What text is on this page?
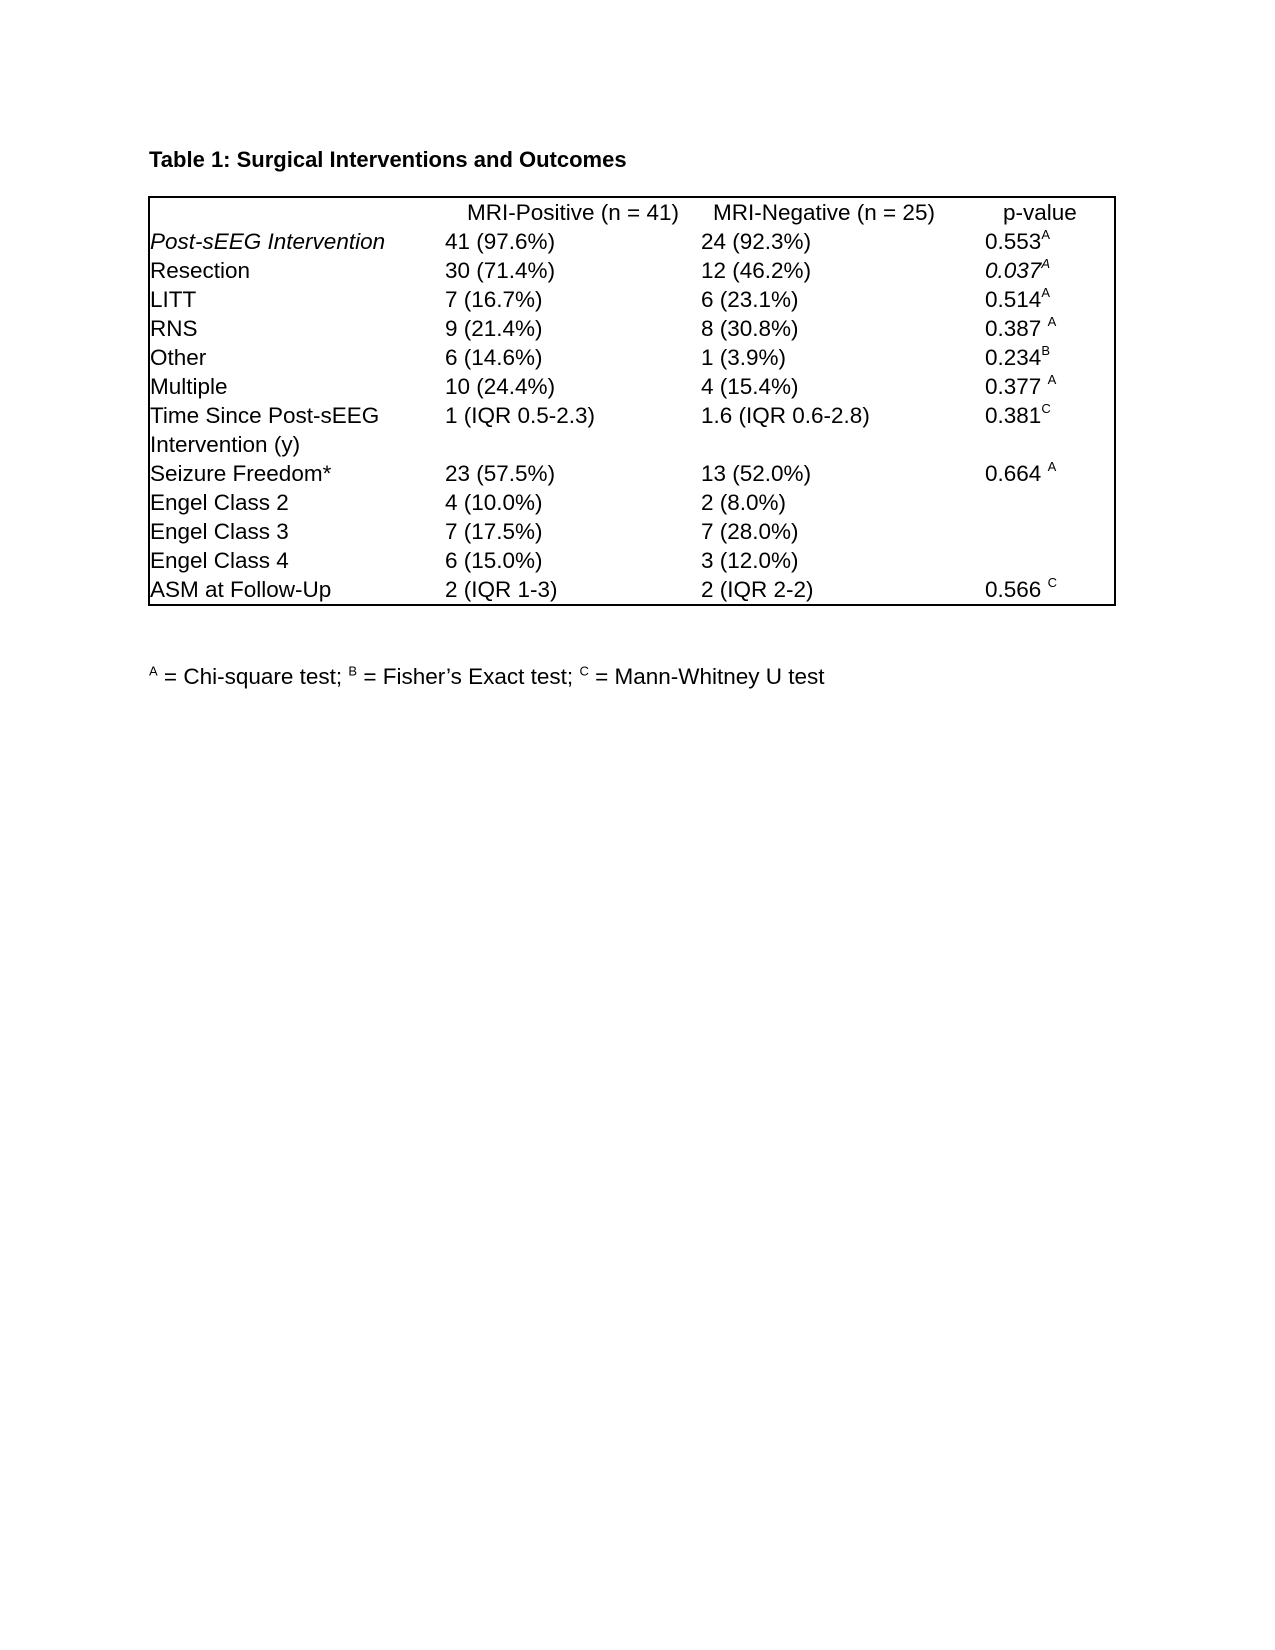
Table 1: Surgical Interventions and Outcomes
	MRI-Positive (n = 41)	MRI-Negative (n = 25)	p-value
Post-sEEG Intervention	41 (97.6%)	24 (92.3%)	$0.553^A$
Resection	30 (71.4%)	12 (46.2%)	$0.037^A$
LITT	7 (16.7%)	6 (23.1%)	$0.514^A$
RNS	9 (21.4%)	8 (30.8%)	0.387 $^A$
Other	6 (14.6%)	1 (3.9%)	$0.234^B$
Multiple	10 (24.4%)	4 (15.4%)	0.377 $^A$
Time Since Post-sEEG Intervention (y)	1 (IQR 0.5-2.3)	1.6 (IQR 0.6-2.8)	$0.381^C$
Seizure Freedom*	23 (57.5%)	13 (52.0%)	0.664 $^A$
Engel Class 2	4 (10.0%)	2 (8.0%)	
Engel Class 3	7 (17.5%)	7 (28.0%)	
Engel Class 4	6 (15.0%)	3 (12.0%)	
ASM at Follow-Up	2 (IQR 1-3)	2 (IQR 2-2)	0.566 $^C$
$^A$ = Chi-square test; $^B$ = Fisher’s Exact test; $^C$ = Mann-Whitney U test
